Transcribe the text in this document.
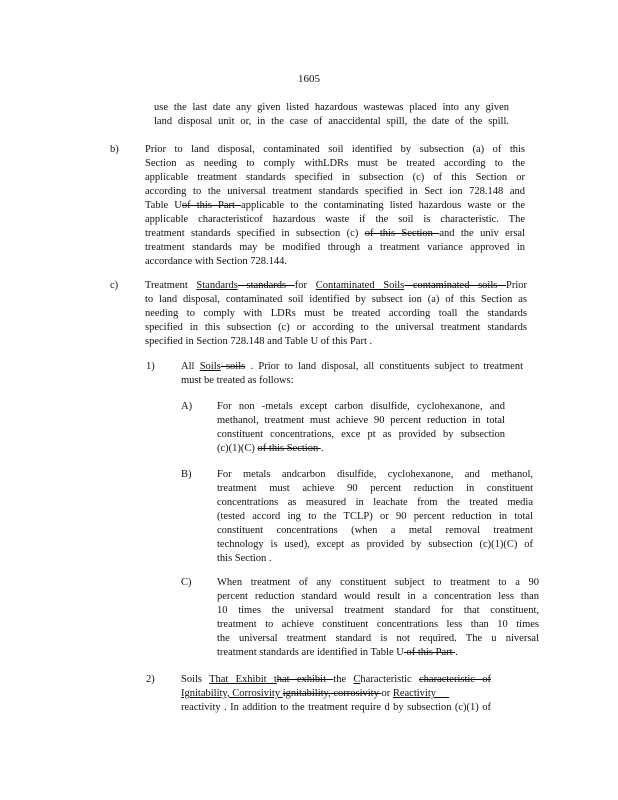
1605
use the last date any given listed hazardous wastewas placed into any given
land disposal unit or, in the case of anaccidental spill, the date of the spill.
b)	Prior to land disposal, contaminated soil identified by subsection (a) of this
Section as needing to comply withLDRs must be treated according to the
applicable treatment standards specified in subsection (c) of this Section or
according to the universal treatment standards specified in Sect ion 728.148 and
Table Uof this Part applicable to the contaminating listed hazardous waste or the
applicable characteristicof hazardous waste if the soil is characteristic. The
treatment standards specified in subsection (c) of this Section and the univ ersal
treatment standards may be modified through a treatment variance approved in
accordance with Section 728.144.
c)	Treatment Standards standards for Contaminated Soils contaminated soils Prior
to land disposal, contaminated soil identified by subsect ion (a) of this Section as
needing to comply with LDRs must be treated according toall the standards
specified in this subsection (c) or according to the universal treatment standards
specified in Section 728.148 and Table U of this Part .
1)	All Soils soils . Prior to land disposal, all constituents subject to treatment
must be treated as follows:
A) For non -metals except carbon disulfide, cyclohexanone, and
methanol, treatment must achieve 90 percent reduction in total
constituent concentrations, exce pt as provided by subsection
(c)(1)(C) of this Section .
B) For metals andcarbon disulfide, cyclohexanone, and methanol,
treatment must achieve 90 percent reduction in constituent
concentrations as measured in leachate from the treated media
(tested accord ing to the TCLP) or 90 percent reduction in total
constituent concentrations (when a metal removal treatment
technology is used), except as provided by subsection (c)(1)(C) of
this Section .
C) When treatment of any constituent subject to treatment to a 90
percent reduction standard would result in a concentration less than
10 times the universal treatment standard for that constituent,
treatment to achieve constituent concentrations less than 10 times
the universal treatment standard is not required. The u niversal
treatment standards are identified in Table U of this Part .
2)	Soils That Exhibit that exhibit the Characteristic characteristic of
Ignitability, Corrosivity ignitability, corrosivity or Reactivity
reactivity . In addition to the treatment require d by subsection (c)(1) of
